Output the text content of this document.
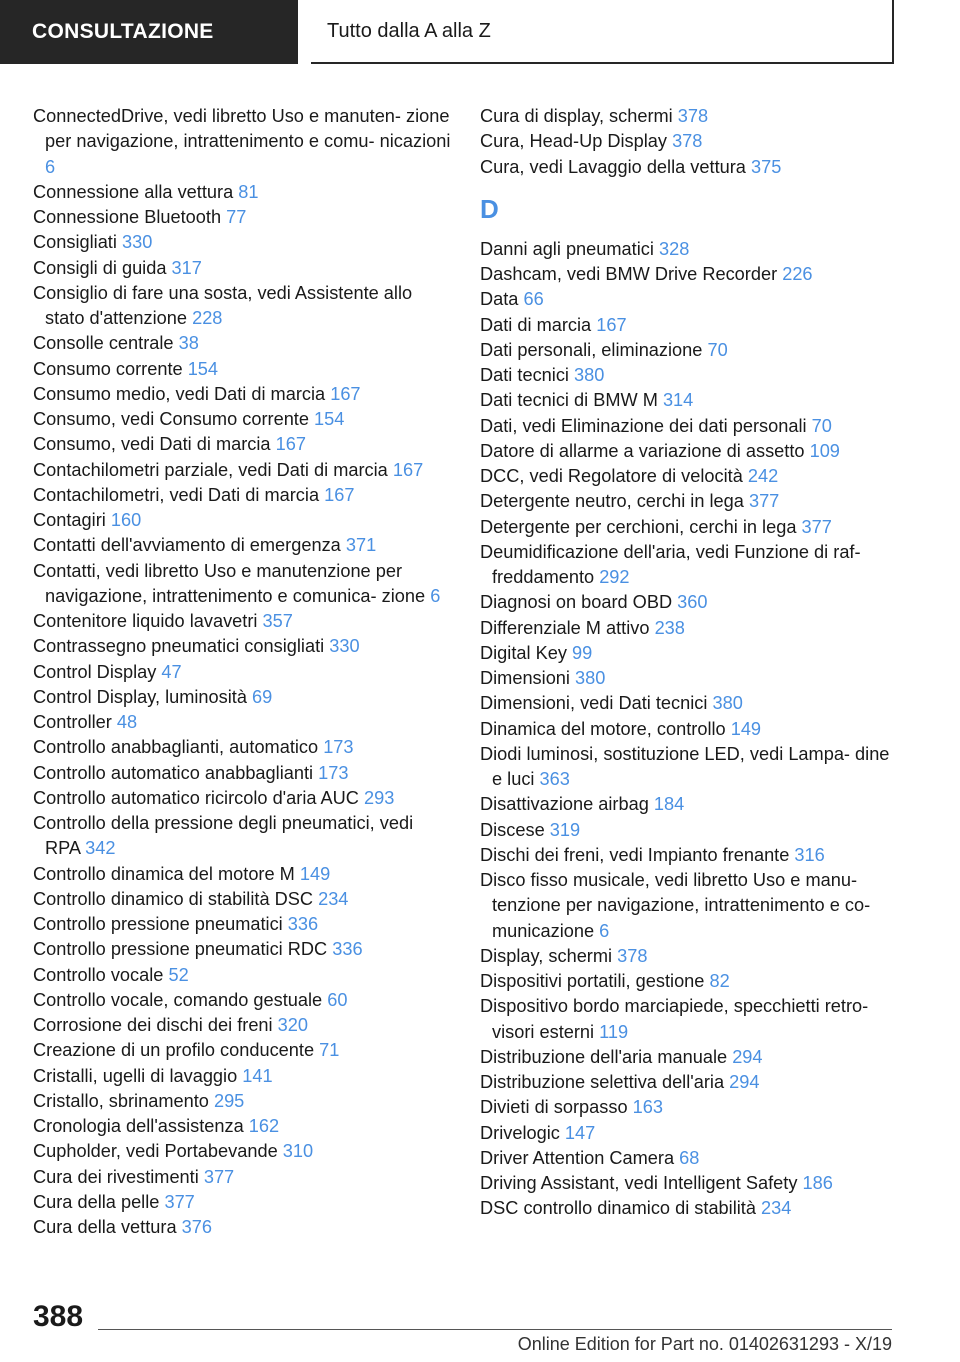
CONSULTAZIONE	Tutto dalla A alla Z
ConnectedDrive, vedi libretto Uso e manuten- zione per navigazione, intrattenimento e comu- nicazioni 6
Connessione alla vettura 81
Connessione Bluetooth 77
Consigliati 330
Consigli di guida 317
Consiglio di fare una sosta, vedi Assistente allo stato d'attenzione 228
Consolle centrale 38
Consumo corrente 154
Consumo medio, vedi Dati di marcia 167
Consumo, vedi Consumo corrente 154
Consumo, vedi Dati di marcia 167
Contachilometri parziale, vedi Dati di marcia 167
Contachilometri, vedi Dati di marcia 167
Contagiri 160
Contatti dell'avviamento di emergenza 371
Contatti, vedi libretto Uso e manutenzione per navigazione, intrattenimento e comunica- zione 6
Contenitore liquido lavavetri 357
Contrassegno pneumatici consigliati 330
Control Display 47
Control Display, luminosità 69
Controller 48
Controllo anabbaglianti, automatico 173
Controllo automatico anabbaglianti 173
Controllo automatico ricircolo d'aria AUC 293
Controllo della pressione degli pneumatici, vedi RPA 342
Controllo dinamica del motore M 149
Controllo dinamico di stabilità DSC 234
Controllo pressione pneumatici 336
Controllo pressione pneumatici RDC 336
Controllo vocale 52
Controllo vocale, comando gestuale 60
Corrosione dei dischi dei freni 320
Creazione di un profilo conducente 71
Cristalli, ugelli di lavaggio 141
Cristallo, sbrinamento 295
Cronologia dell'assistenza 162
Cupholder, vedi Portabevande 310
Cura dei rivestimenti 377
Cura della pelle 377
Cura della vettura 376
Cura di display, schermi 378
Cura, Head-Up Display 378
Cura, vedi Lavaggio della vettura 375
D
Danni agli pneumatici 328
Dashcam, vedi BMW Drive Recorder 226
Data 66
Dati di marcia 167
Dati personali, eliminazione 70
Dati tecnici 380
Dati tecnici di BMW M 314
Dati, vedi Eliminazione dei dati personali 70
Datore di allarme a variazione di assetto 109
DCC, vedi Regolatore di velocità 242
Detergente neutro, cerchi in lega 377
Detergente per cerchioni, cerchi in lega 377
Deumidificazione dell'aria, vedi Funzione di raf- freddamento 292
Diagnosi on board OBD 360
Differenziale M attivo 238
Digital Key 99
Dimensioni 380
Dimensioni, vedi Dati tecnici 380
Dinamica del motore, controllo 149
Diodi luminosi, sostituzione LED, vedi Lampa- dine e luci 363
Disattivazione airbag 184
Discese 319
Dischi dei freni, vedi Impianto frenante 316
Disco fisso musicale, vedi libretto Uso e manu- tenzione per navigazione, intrattenimento e co- municazione 6
Display, schermi 378
Dispositivi portatili, gestione 82
Dispositivo bordo marciapiede, specchietti retro- visori esterni 119
Distribuzione dell'aria manuale 294
Distribuzione selettiva dell'aria 294
Divieti di sorpasso 163
Drivelogic 147
Driver Attention Camera 68
Driving Assistant, vedi Intelligent Safety 186
DSC controllo dinamico di stabilità 234
388
Online Edition for Part no. 01402631293 - X/19
